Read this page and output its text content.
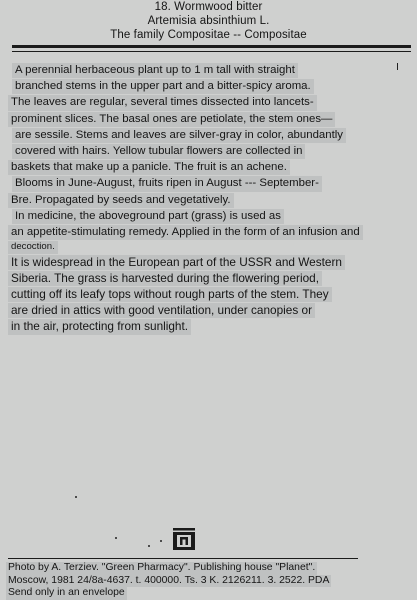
18. Wormwood bitter
Artemisia absinthium L.
The family Compositae -- Compositae
A perennial herbaceous plant up to 1 m tall with straight
branched stems in the upper part and a bitter-spicy aroma.
The leaves are regular, several times dissected into lancets-
prominent slices. The basal ones are petiolate, the stem ones—
are sessile. Stems and leaves are silver-gray in color, abundantly
covered with hairs. Yellow tubular flowers are collected in
baskets that make up a panicle. The fruit is an achene.
Blooms in June-August, fruits ripen in August --- September-
Bre. Propagated by seeds and vegetatively.
In medicine, the aboveground part (grass) is used as
an appetite-stimulating remedy. Applied in the form of an infusion and
decoction.
It is widespread in the European part of the USSR and Western
Siberia. The grass is harvested during the flowering period,
cutting off its leafy tops without rough parts of the stem. They
are dried in attics with good ventilation, under canopies or
in the air, protecting from sunlight.
Photo by A. Terziev. "Green Pharmacy". Publishing house "Planet".
Moscow, 1981 24/8a-4637. t. 400000. Ts. 3 K. 2126211. 3. 2522. PDA
Send only in an envelope
